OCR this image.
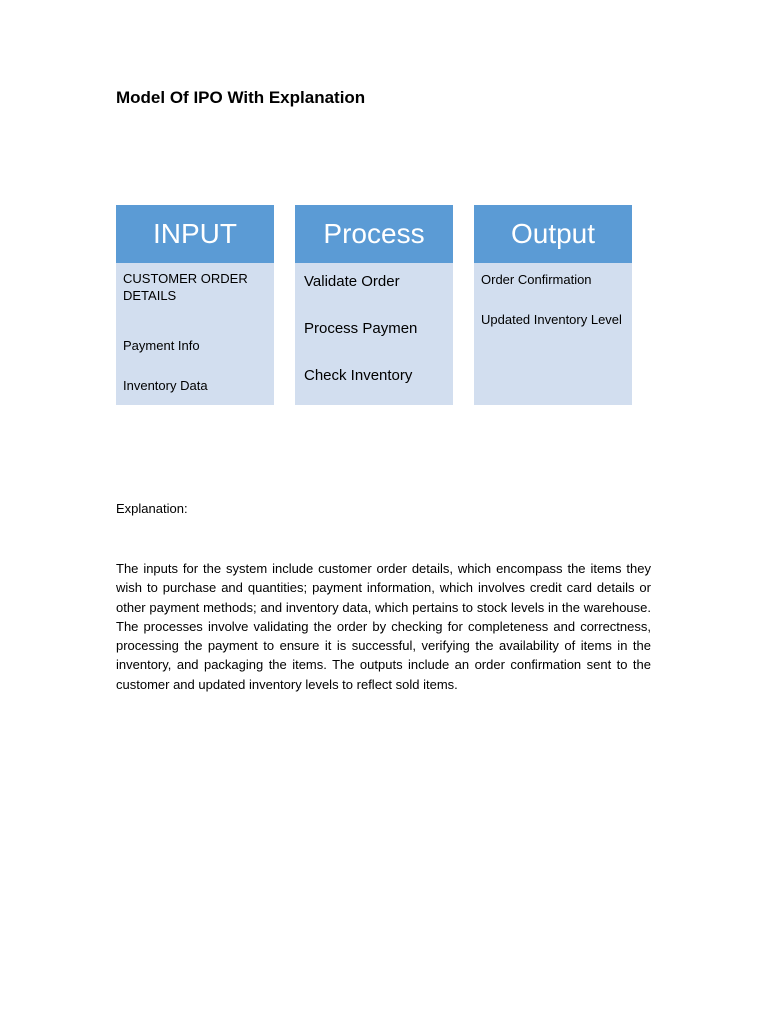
Model Of IPO With Explanation
INPUT
CUSTOMER ORDER DETAILS
Payment Info
Inventory Data
Process
Validate Order
Process Paymen
Check Inventory
Output
Order Confirmation
Updated Inventory Level
Explanation:
The inputs for the system include customer order details, which encompass the items they wish to purchase and quantities; payment information, which involves credit card details or other payment methods; and inventory data, which pertains to stock levels in the warehouse. The processes involve validating the order by checking for completeness and correctness, processing the payment to ensure it is successful, verifying the availability of items in the inventory, and packaging the items. The outputs include an order confirmation sent to the customer and updated inventory levels to reflect sold items.
